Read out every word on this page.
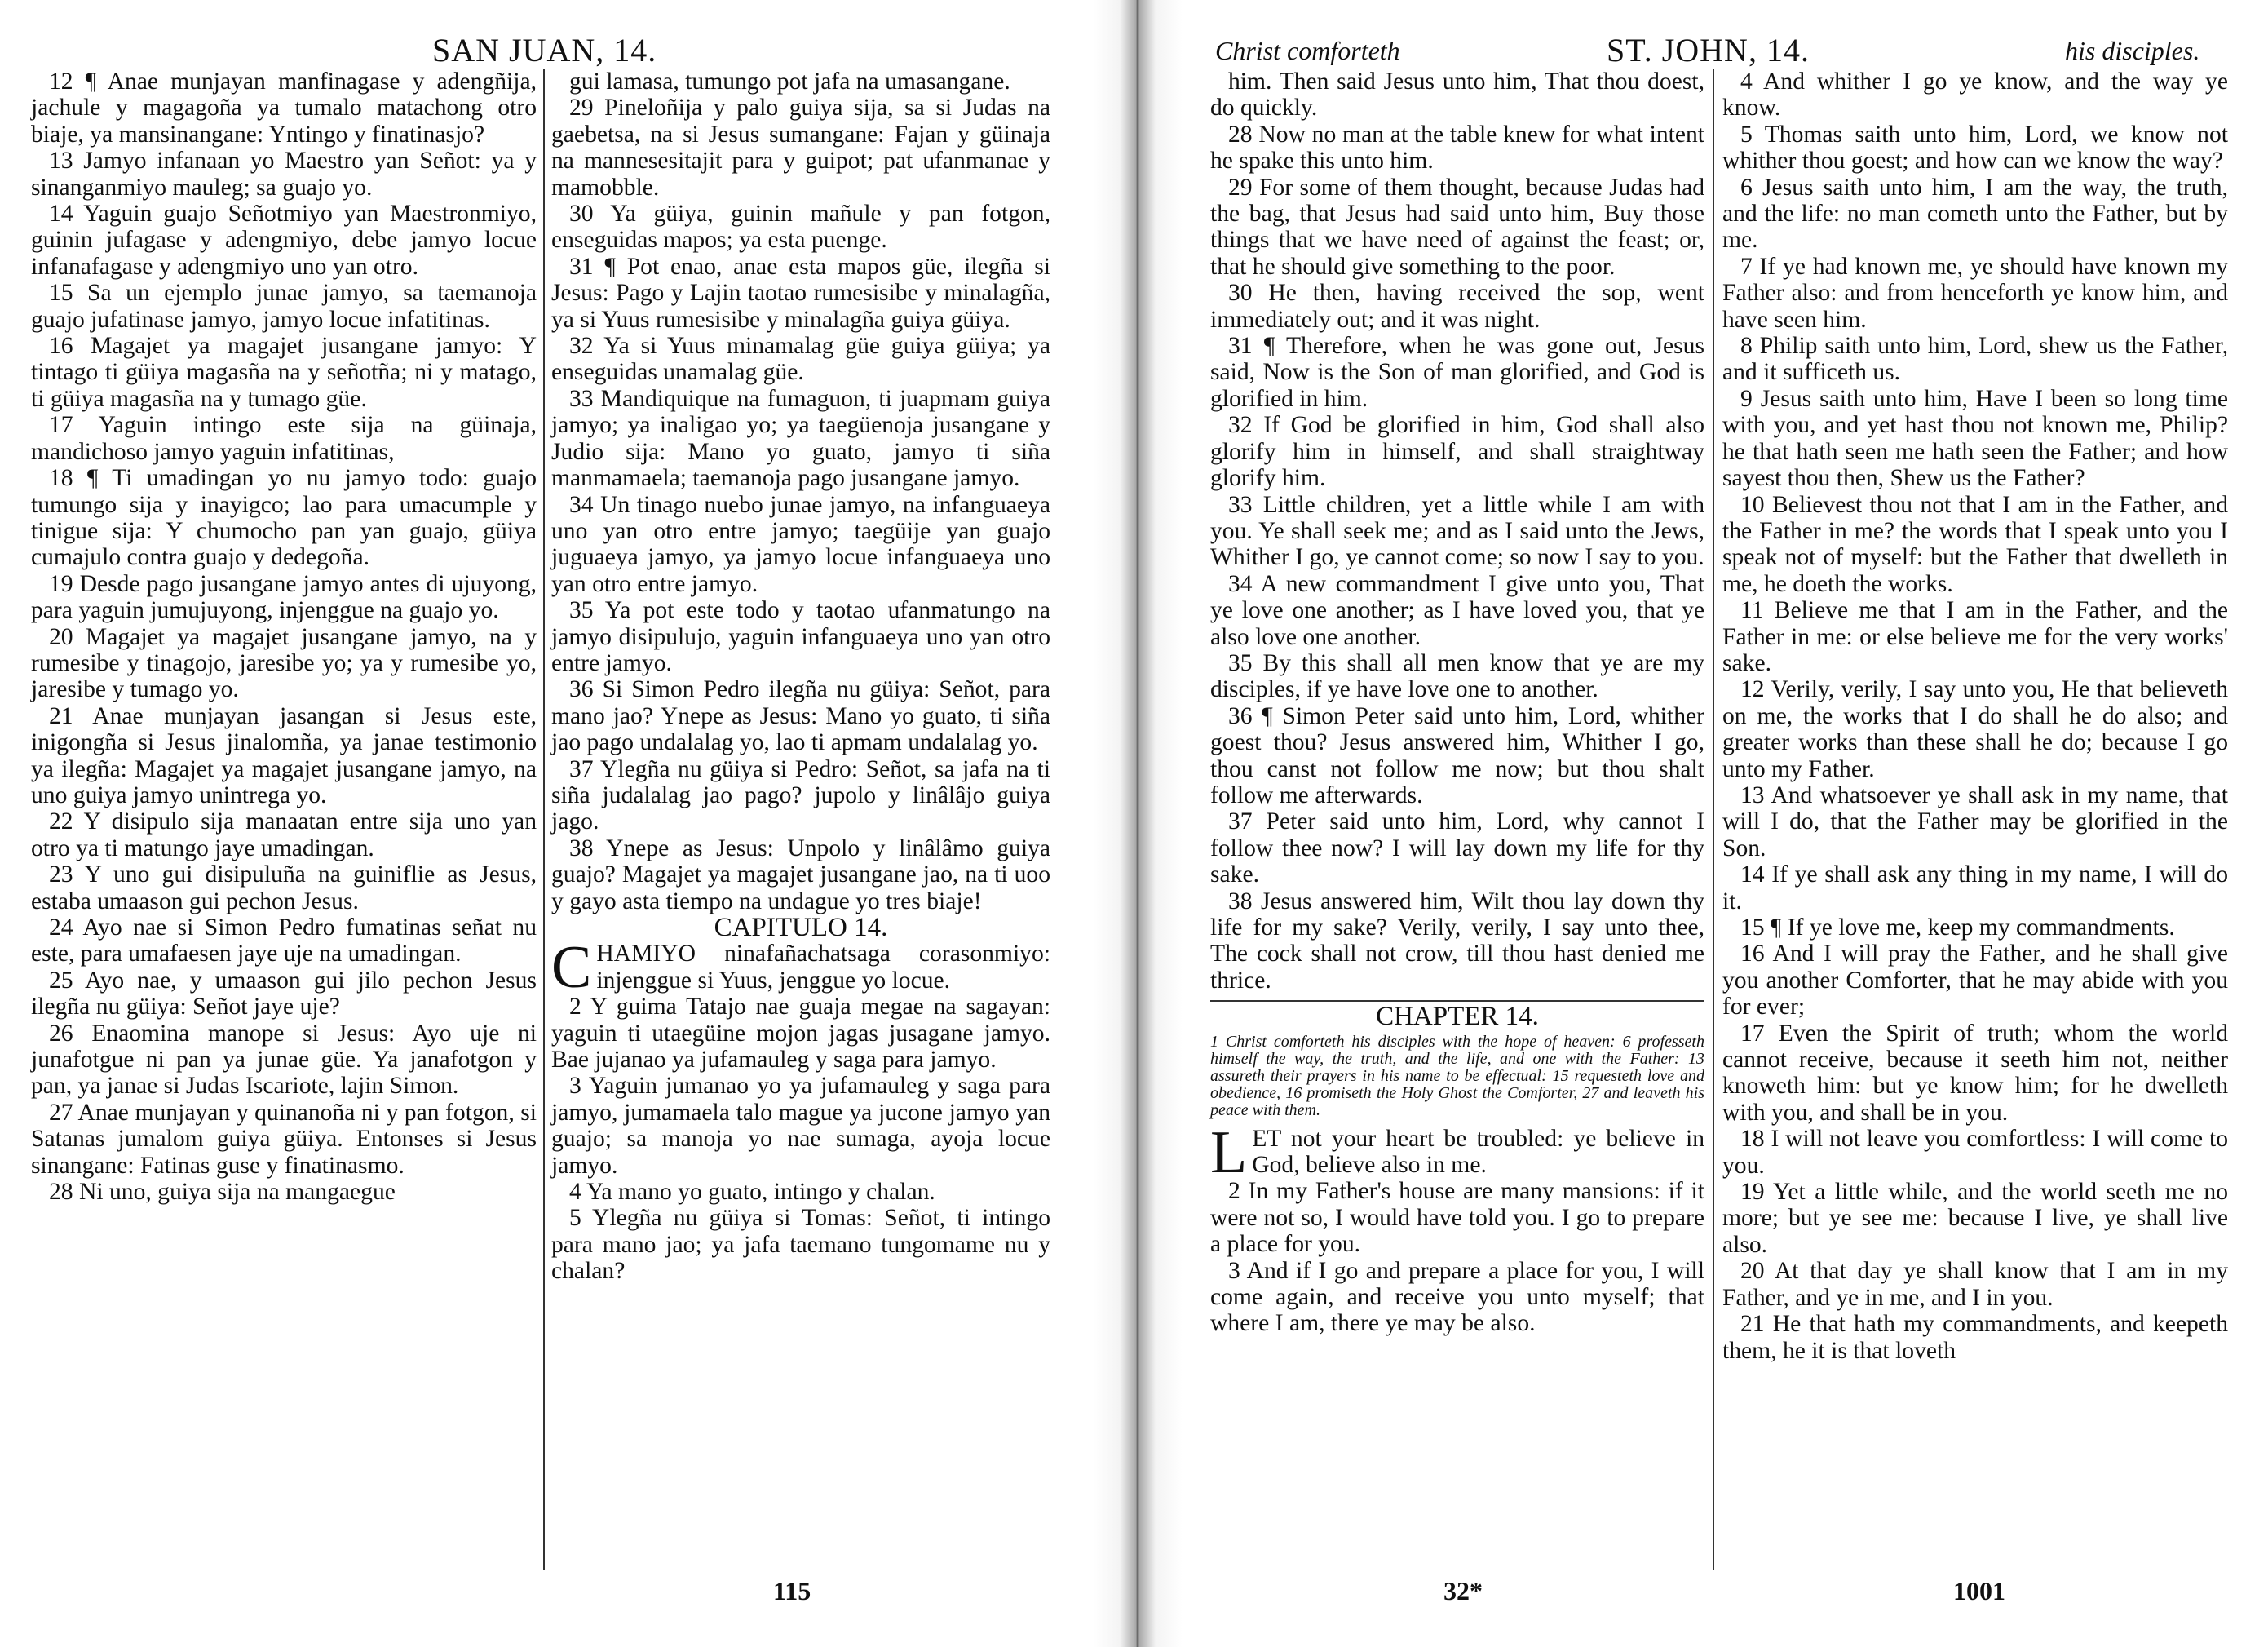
SAN JUAN, 14.

12 ¶ Anae munjayan manfinagase y adengñija, jachule y magagoña ya tumalo matachong otro biaje, ya mansinangane: Yntingo y finatinasjo?

13 Jamyo infanaan yo Maestro yan Señot: ya y sinanganmiyo mauleg; sa guajo yo.

14 Yaguin guajo Señotmiyo yan Maestronmiyo, guinin jufagase y adengmiyo, debe jamyo locue infanafagase y adengmiyo uno yan otro.

15 Sa un ejemplo junae jamyo, sa taemanoja guajo jufatinase jamyo, jamyo locue infatitinas.

16 Magajet ya magajet jusangane jamyo: Y tintago ti güiya magasña na y señotña; ni y matago, ti güiya magasña na y tumago güe.

17 Yaguin intingo este sija na güinaja, mandichoso jamyo yaguin infatitinas,

18 ¶ Ti umadingan yo nu jamyo todo: guajo tumungo sija y inayigco; lao para umacumple y tinigue sija: Y chumocho pan yan guajo, güiya cumajulo contra guajo y dedegoña.

19 Desde pago jusangane jamyo antes di ujuyong, para yaguin jumujuyong, injenggue na guajo yo.

20 Magajet ya magajet jusangane jamyo, na y rumesibe y tinagojo, jaresibe yo; ya y rumesibe yo, jaresibe y tumago yo.

21 Anae munjayan jasangan si Jesus este, inigongña si Jesus jinalomña, ya janae testimonio ya ilegña: Magajet ya magajet jusangane jamyo, na uno guiya jamyo unintrega yo.

22 Y disipulo sija manaatan entre sija uno yan otro ya ti matungo jaye umadingan.

23 Y uno gui disipuluña na guiniflie as Jesus, estaba umaason gui pechon Jesus.

24 Ayo nae si Simon Pedro fumatinas señat nu este, para umafaesen jaye uje na umadingan.

25 Ayo nae, y umaason gui jilo pechon Jesus ilegña nu güiya: Señot jaye uje?

26 Enaomina manope si Jesus: Ayo uje ni junafotgue ni pan ya junae güe. Ya janafotgon y pan, ya janae si Judas Iscariote, lajin Simon.

27 Anae munjayan y quinanoña ni y pan fotgon, si Satanas jumalom guiya güiya. Entonses si Jesus sinangane: Fatinas guse y finatinasmo.

28 Ni uno, guiya sija na mangaegue

gui lamasa, tumungo pot jafa na umasangane.

29 Pineloñija y palo guiya sija, sa si Judas na gaebetsa, na si Jesus sumangane: Fajan y güinaja na mannesesitajit para y guipot; pat ufanmanae y mamobble.

30 Ya güiya, guinin mañule y pan fotgon, enseguidas mapos; ya esta puenge.

31 ¶ Pot enao, anae esta mapos güe, ilegña si Jesus: Pago y Lajin taotao rumesisibe y minalagña, ya si Yuus rumesisibe y minalagña guiya güiya.

32 Ya si Yuus minamalag güe guiya güiya; ya enseguidas unamalag güe.

33 Mandiquique na fumaguon, ti juapmam guiya jamyo; ya inaligao yo; ya taegüenoja jusangane y Judio sija: Mano yo guato, jamyo ti siña manmamaela; taemanoja pago jusangane jamyo.

34 Un tinago nuebo junae jamyo, na infanguaeya uno yan otro entre jamyo; taegüije yan guajo juguaeya jamyo, ya jamyo locue infanguaeya uno yan otro entre jamyo.

35 Ya pot este todo y taotao ufanmatungo na jamyo disipulujo, yaguin infanguaeya uno yan otro entre jamyo.

36 Si Simon Pedro ilegña nu güiya: Señot, para mano jao? Ynepe as Jesus: Mano yo guato, ti siña jao pago undalalag yo, lao ti apmam undalalag yo.

37 Ylegña nu güiya si Pedro: Señot, sa jafa na ti siña judalalag jao pago? jupolo y linâlâjo guiya jago.

38 Ynepe as Jesus: Unpolo y linâlâmo guiya guajo? Magajet ya magajet jusangane jao, na ti uoo y gayo asta tiempo na undague yo tres biaje!

CAPITULO 14.

CHAMIYO ninafañachatsaga corasonmiyo: injenggue si Yuus, jenggue yo locue.

2 Y guima Tatajo nae guaja megae na sagayan: yaguin ti utaegüine mojon jagas jusagane jamyo. Bae jujanao ya jufamauleg y saga para jamyo.

3 Yaguin jumanao yo ya jufamauleg y saga para jamyo, jumamaela talo mague ya jucone jamyo yan guajo; sa manoja yo nae sumaga, ayoja locue jamyo.

4 Ya mano yo guato, intingo y chalan.

5 Ylegña nu güiya si Tomas: Señot, ti intingo para mano jao; ya jafa taemano tungomame nu y chalan?

115
Christ comforteth	ST. JOHN, 14.	his disciples.

him. Then said Jesus unto him, That thou doest, do quickly.

28 Now no man at the table knew for what intent he spake this unto him.

29 For some of them thought, because Judas had the bag, that Jesus had said unto him, Buy those things that we have need of against the feast; or, that he should give something to the poor.

30 He then, having received the sop, went immediately out; and it was night.

31 ¶ Therefore, when he was gone out, Jesus said, Now is the Son of man glorified, and God is glorified in him.

32 If God be glorified in him, God shall also glorify him in himself, and shall straightway glorify him.

33 Little children, yet a little while I am with you. Ye shall seek me; and as I said unto the Jews, Whither I go, ye cannot come; so now I say to you.

34 A new commandment I give unto you, That ye love one another; as I have loved you, that ye also love one another.

35 By this shall all men know that ye are my disciples, if ye have love one to another.

36 ¶ Simon Peter said unto him, Lord, whither goest thou? Jesus answered him, Whither I go, thou canst not follow me now; but thou shalt follow me afterwards.

37 Peter said unto him, Lord, why cannot I follow thee now? I will lay down my life for thy sake.

38 Jesus answered him, Wilt thou lay down thy life for my sake? Verily, verily, I say unto thee, The cock shall not crow, till thou hast denied me thrice.

CHAPTER 14.

1 Christ comforteth his disciples with the hope of heaven: 6 professeth himself the way, the truth, and the life, and one with the Father: 13 assureth their prayers in his name to be effectual: 15 requesteth love and obedience, 16 promiseth the Holy Ghost the Comforter, 27 and leaveth his peace with them.

LET not your heart be troubled: ye believe in God, believe also in me.

2 In my Father's house are many mansions: if it were not so, I would have told you. I go to prepare a place for you.

3 And if I go and prepare a place for you, I will come again, and receive you unto myself; that where I am, there ye may be also.

4 And whither I go ye know, and the way ye know.

5 Thomas saith unto him, Lord, we know not whither thou goest; and how can we know the way?

6 Jesus saith unto him, I am the way, the truth, and the life: no man cometh unto the Father, but by me.

7 If ye had known me, ye should have known my Father also: and from henceforth ye know him, and have seen him.

8 Philip saith unto him, Lord, shew us the Father, and it sufficeth us.

9 Jesus saith unto him, Have I been so long time with you, and yet hast thou not known me, Philip? he that hath seen me hath seen the Father; and how sayest thou then, Shew us the Father?

10 Believest thou not that I am in the Father, and the Father in me? the words that I speak unto you I speak not of myself: but the Father that dwelleth in me, he doeth the works.

11 Believe me that I am in the Father, and the Father in me: or else believe me for the very works' sake.

12 Verily, verily, I say unto you, He that believeth on me, the works that I do shall he do also; and greater works than these shall he do; because I go unto my Father.

13 And whatsoever ye shall ask in my name, that will I do, that the Father may be glorified in the Son.

14 If ye shall ask any thing in my name, I will do it.

15 ¶ If ye love me, keep my commandments.

16 And I will pray the Father, and he shall give you another Comforter, that he may abide with you for ever;

17 Even the Spirit of truth; whom the world cannot receive, because it seeth him not, neither knoweth him: but ye know him; for he dwelleth with you, and shall be in you.

18 I will not leave you comfortless: I will come to you.

19 Yet a little while, and the world seeth me no more; but ye see me: because I live, ye shall live also.

20 At that day ye shall know that I am in my Father, and ye in me, and I in you.

21 He that hath my commandments, and keepeth them, he it is that loveth

32*	1001
